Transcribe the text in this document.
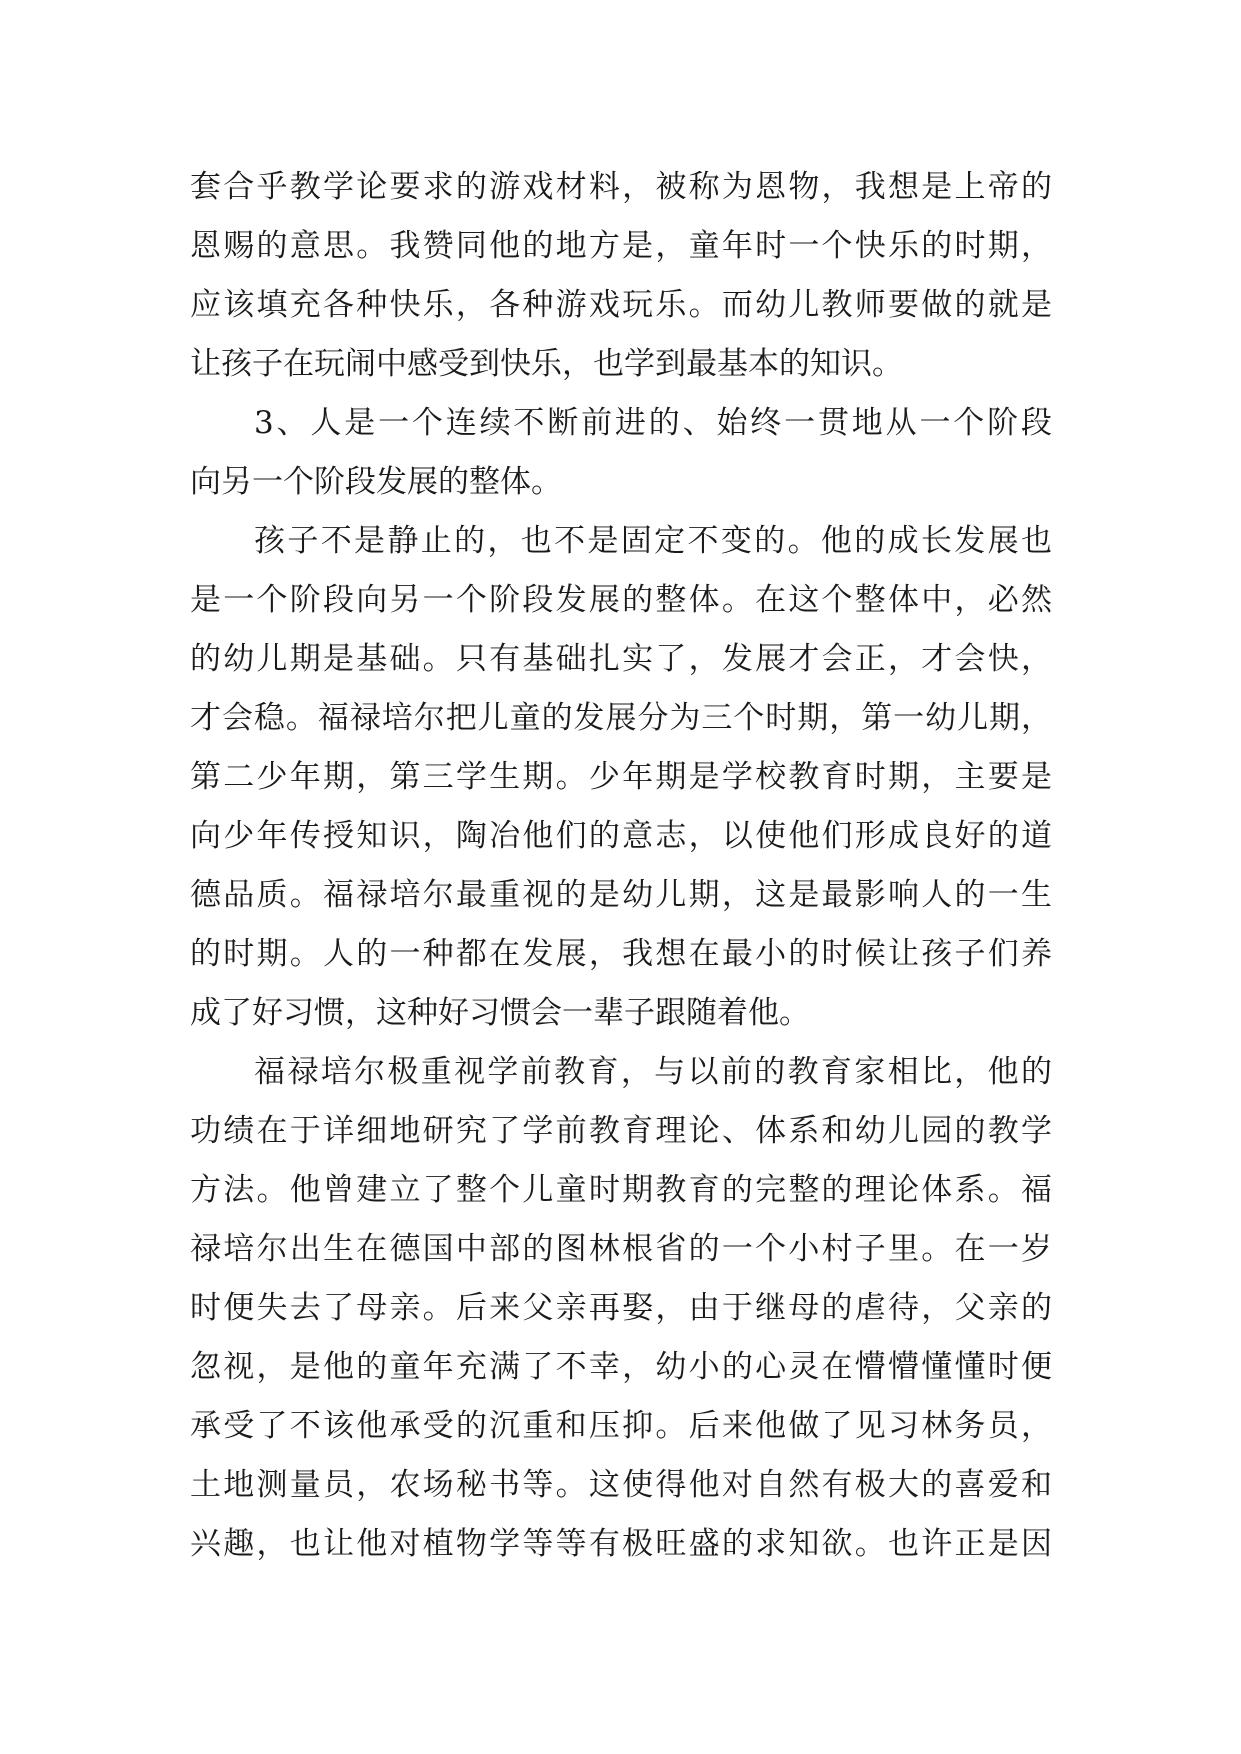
套合乎教学论要求的游戏材料，被称为恩物，我想是上帝的
恩赐的意思。我赞同他的地方是，童年时一个快乐的时期，
应该填充各种快乐，各种游戏玩乐。而幼儿教师要做的就是
让孩子在玩闹中感受到快乐，也学到最基本的知识。
3、人是一个连续不断前进的、始终一贯地从一个阶段
向另一个阶段发展的整体。
孩子不是静止的，也不是固定不变的。他的成长发展也
是一个阶段向另一个阶段发展的整体。在这个整体中，必然
的幼儿期是基础。只有基础扎实了，发展才会正，才会快，
才会稳。福禄培尔把儿童的发展分为三个时期，第一幼儿期，
第二少年期，第三学生期。少年期是学校教育时期，主要是
向少年传授知识，陶冶他们的意志，以使他们形成良好的道
德品质。福禄培尔最重视的是幼儿期，这是最影响人的一生
的时期。人的一种都在发展，我想在最小的时候让孩子们养
成了好习惯，这种好习惯会一辈子跟随着他。
福禄培尔极重视学前教育，与以前的教育家相比，他的
功绩在于详细地研究了学前教育理论、体系和幼儿园的教学
方法。他曾建立了整个儿童时期教育的完整的理论体系。福
禄培尔出生在德国中部的图林根省的一个小村子里。在一岁
时便失去了母亲。后来父亲再娶，由于继母的虐待，父亲的
忽视，是他的童年充满了不幸，幼小的心灵在懵懵懂懂时便
承受了不该他承受的沉重和压抑。后来他做了见习林务员，
土地测量员，农场秘书等。这使得他对自然有极大的喜爱和
兴趣，也让他对植物学等等有极旺盛的求知欲。也许正是因
